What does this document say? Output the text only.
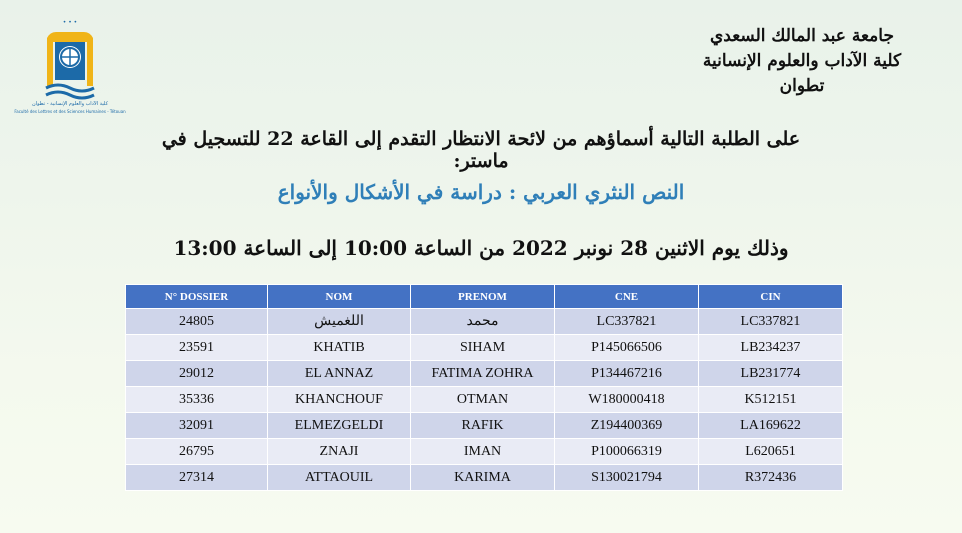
• • •
كلية الآداب والعلوم الإنسانية - تطوان
Faculté des Lettres et des Sciences Humaines - Tétouan
جامعة عبد المالك السعدي
كلية الآداب والعلوم الإنسانية
تطوان
على الطلبة التالية أسماؤهم من لائحة الانتظار التقدم إلى القاعة 22 للتسجيل في ماستر:
النص النثري العربي : دراسة في الأشكال والأنواع
وذلك يوم الاثنين 28 نونبر 2022 من الساعة 10:00 إلى الساعة 13:00
N° DOSSIER	NOM	PRENOM	CNE	CIN
24805	اللغميش	محمد	LC337821	LC337821
23591	KHATIB	SIHAM	P145066506	LB234237
29012	EL ANNAZ	FATIMA ZOHRA	P134467216	LB231774
35336	KHANCHOUF	OTMAN	W180000418	K512151
32091	ELMEZGELDI	RAFIK	Z194400369	LA169622
26795	ZNAJI	IMAN	P100066319	L620651
27314	ATTAOUIL	KARIMA	S130021794	R372436
